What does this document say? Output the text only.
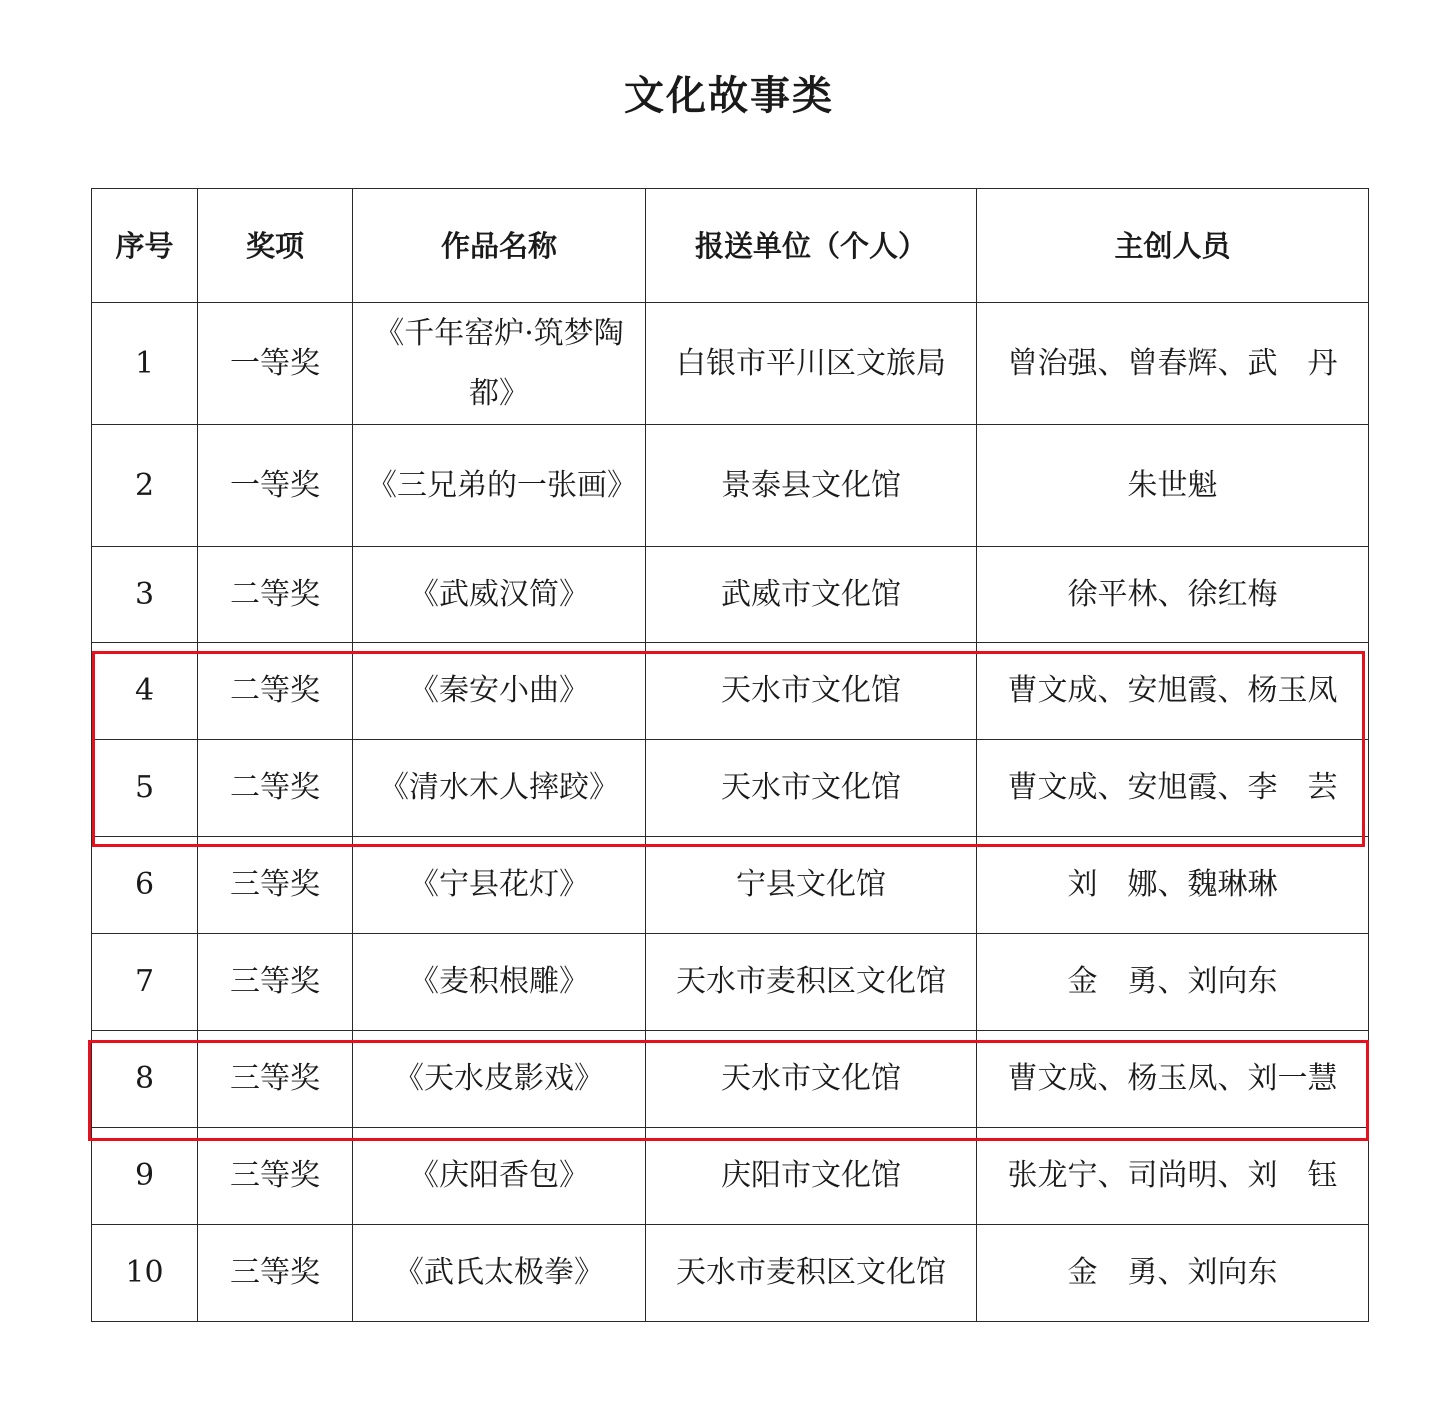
文化故事类
序号	奖项	作品名称	报送单位（个人）	主创人员
1	一等奖	《千年窑炉·筑梦陶都》	白银市平川区文旅局	曾治强、曾春辉、武　丹
2	一等奖	《三兄弟的一张画》	景泰县文化馆	朱世魁
3	二等奖	《武威汉简》	武威市文化馆	徐平林、徐红梅
4	二等奖	《秦安小曲》	天水市文化馆	曹文成、安旭霞、杨玉凤
5	二等奖	《清水木人摔跤》	天水市文化馆	曹文成、安旭霞、李　芸
6	三等奖	《宁县花灯》	宁县文化馆	刘　娜、魏琳琳
7	三等奖	《麦积根雕》	天水市麦积区文化馆	金　勇、刘向东
8	三等奖	《天水皮影戏》	天水市文化馆	曹文成、杨玉凤、刘一慧
9	三等奖	《庆阳香包》	庆阳市文化馆	张龙宁、司尚明、刘　钰
10	三等奖	《武氏太极拳》	天水市麦积区文化馆	金　勇、刘向东
